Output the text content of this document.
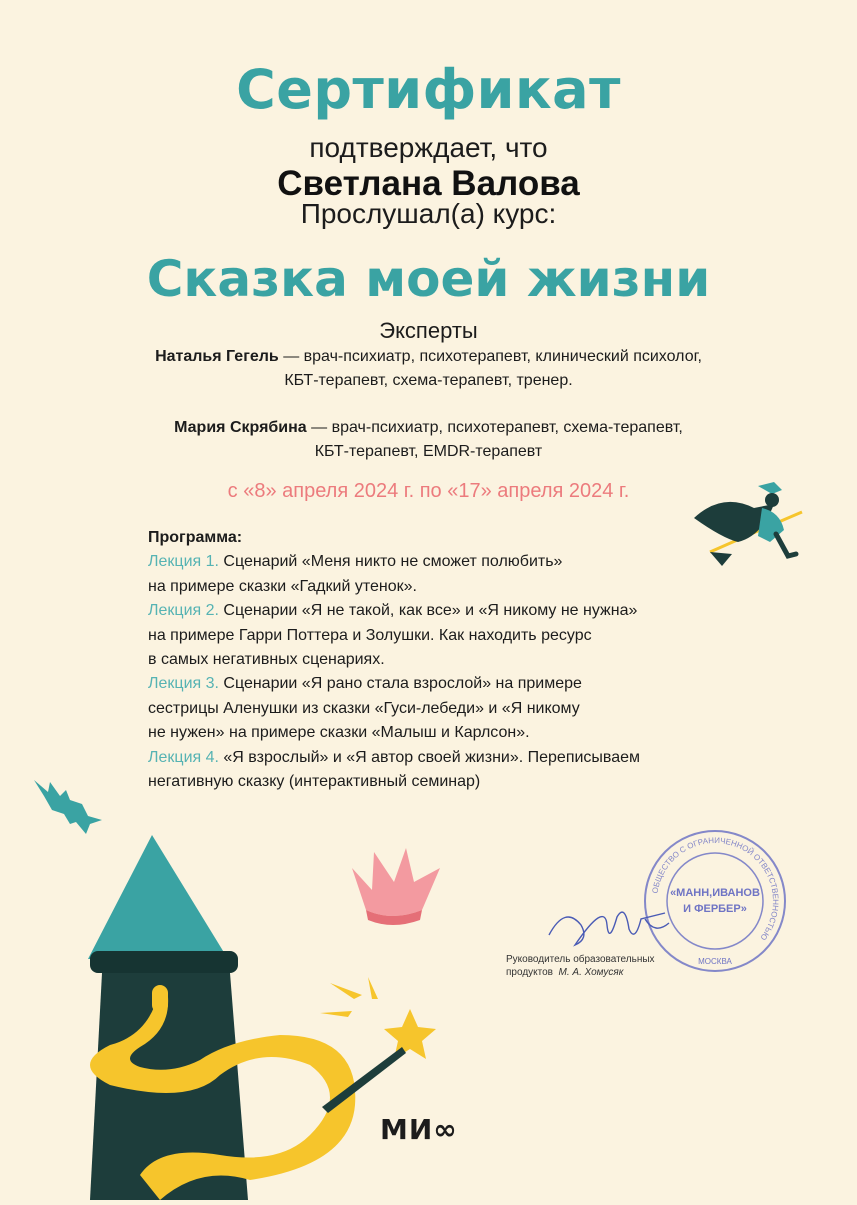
Сертификат
подтверждает, что
Светлана Валова
Прослушал(а) курс:
Сказка моей жизни
Эксперты
Наталья Гегель — врач-психиатр, психотерапевт, клинический психолог,
КБТ-терапевт, схема-терапевт, тренер.
Мария Скрябина — врач-психиатр, психотерапевт, схема-терапевт,
КБТ-терапевт, EMDR-терапевт
с «8» апреля 2024 г. по «17» апреля 2024 г.
Программа:
Лекция 1. Сценарий «Меня никто не сможет полюбить»
на примере сказки «Гадкий утенок».
Лекция 2. Сценарии «Я не такой, как все» и «Я никому не нужна»
на примере Гарри Поттера и Золушки. Как находить ресурс
в самых негативных сценариях.
Лекция 3. Сценарии «Я рано стала взрослой» на примере
сестрицы Аленушки из сказки «Гуси-лебеди» и «Я никому
не нужен» на примере сказки «Малыш и Карлсон».
Лекция 4. «Я взрослый» и «Я автор своей жизни». Переписываем
негативную сказку (интерактивный семинар)
ОБЩЕСТВО С ОГРАНИЧЕННОЙ ОТВЕТСТВЕННОСТЬЮ
МОСКВА
«МАНН,ИВАНОВ
И ФЕРБЕР»
Руководитель образовательных
продуктов М. А. Хомусяк
МИ∞
